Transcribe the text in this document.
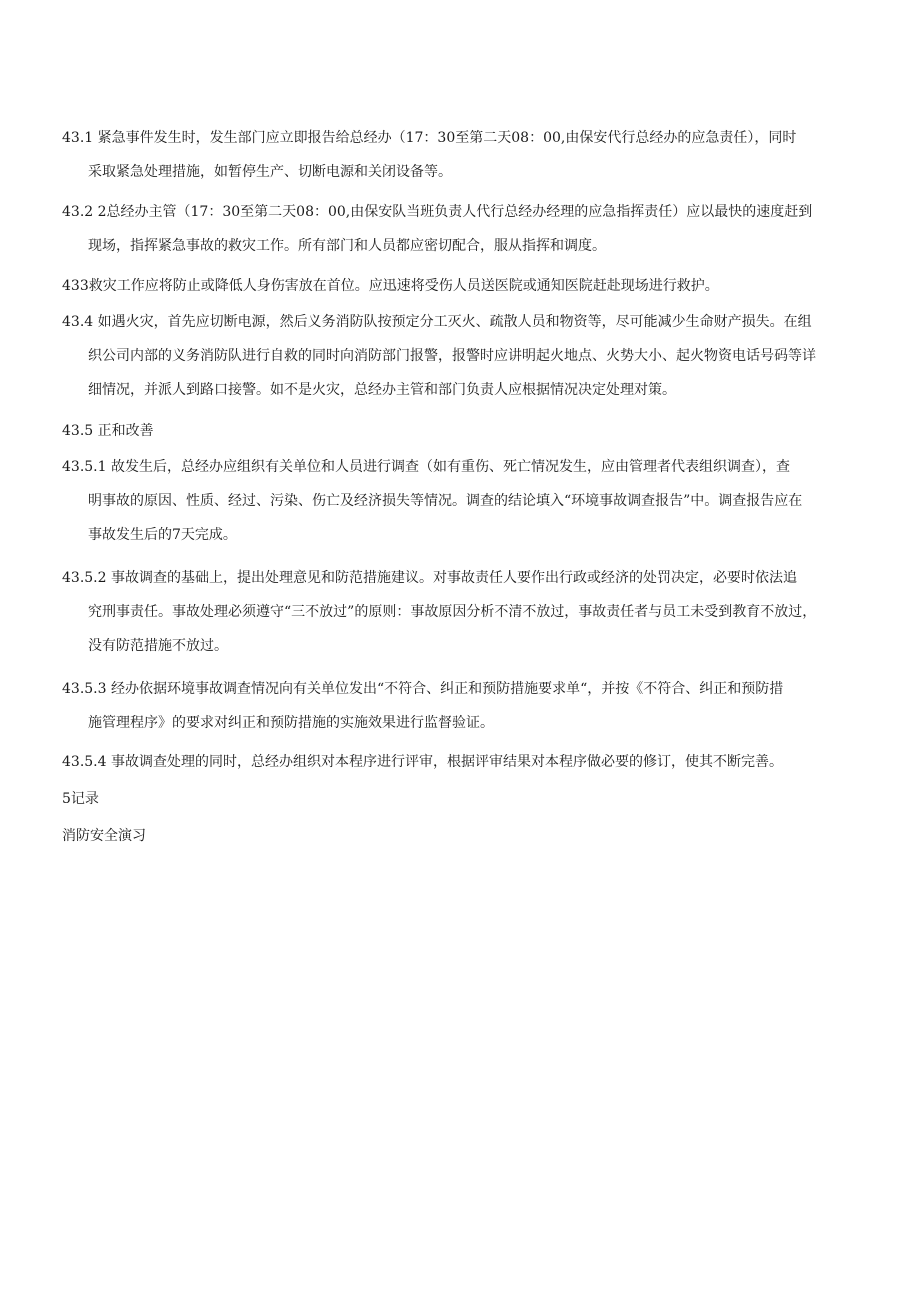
43.1 紧急事件发生时，发生部门应立即报告给总经办（17：30至第二天08：00,由保安代行总经办的应急责任），同时
采取紧急处理措施，如暂停生产、切断电源和关闭设备等。

43.2 2总经办主管（17：30至第二天08：00,由保安队当班负责人代行总经办经理的应急指挥责任）应以最快的速度赶到
现场，指挥紧急事故的救灾工作。所有部门和人员都应密切配合，服从指挥和调度。

433救灾工作应将防止或降低人身伤害放在首位。应迅速将受伤人员送医院或通知医院赶赴现场进行救护。

43.4 如遇火灾，首先应切断电源，然后义务消防队按预定分工灭火、疏散人员和物资等，尽可能减少生命财产损失。在组
织公司内部的义务消防队进行自救的同时向消防部门报警，报警时应讲明起火地点、火势大小、起火物资电话号码等详
细情况，并派人到路口接警。如不是火灾，总经办主管和部门负责人应根据情况决定处理对策。

43.5 正和改善

43.5.1 故发生后，总经办应组织有关单位和人员进行调查（如有重伤、死亡情况发生，应由管理者代表组织调查），查
明事故的原因、性质、经过、污染、伤亡及经济损失等情况。调查的结论填入“环境事故调查报告”中。调查报告应在
事故发生后的7天完成。

43.5.2 事故调查的基础上，提出处理意见和防范措施建议。对事故责任人要作出行政或经济的处罚决定，必要时依法追
究刑事责任。事故处理必须遵守“三不放过”的原则：事故原因分析不清不放过，事故责任者与员工未受到教育不放过，
没有防范措施不放过。

43.5.3 经办依据环境事故调查情况向有关单位发出“不符合、纠正和预防措施要求单“，并按《不符合、纠正和预防措
施管理程序》的要求对纠正和预防措施的实施效果进行监督验证。

43.5.4 事故调查处理的同时，总经办组织对本程序进行评审，根据评审结果对本程序做必要的修订，使其不断完善。

5记录

消防安全演习
